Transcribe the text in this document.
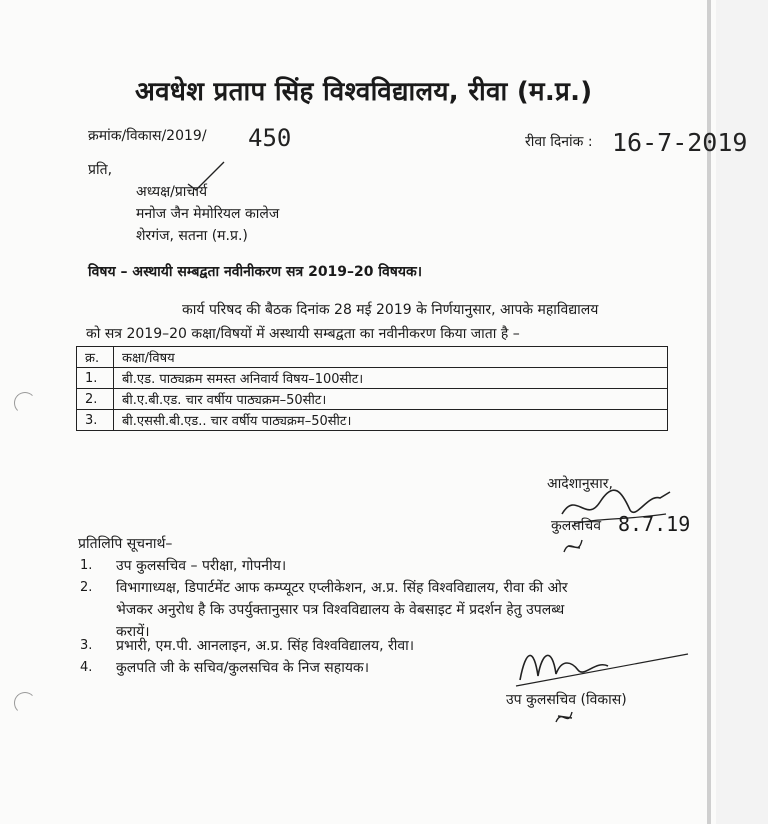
अवधेश प्रताप सिंह विश्वविद्यालय, रीवा (म.प्र.)
क्रमांक/विकास/2019/ 450	रीवा दिनांक : 16-7-2019
प्रति,
अध्यक्ष/प्राचार्य
मनोज जैन मेमोरियल कालेज
शेरगंज, सतना (म.प्र.)
विषय – अस्थायी सम्बद्वता नवीनीकरण सत्र 2019–20 विषयक।
कार्य परिषद की बैठक दिनांक 28 मई 2019 के निर्णयानुसार, आपके महाविद्यालय
को सत्र 2019–20 कक्षा/विषयों में अस्थायी सम्बद्वता का नवीनीकरण किया जाता है –
क्र.	कक्षा/विषय
1.	बी.एड. पाठ्यक्रम समस्त अनिवार्य विषय–100सीट।
2.	बी.ए.बी.एड. चार वर्षीय पाठ्यक्रम–50सीट।
3.	बी.एससी.बी.एड.. चार वर्षीय पाठ्यक्रम–50सीट।
आदेशानुसार,
कुलसचिव 8.7.19
प्रतिलिपि सूचनार्थ–
1. उप कुलसचिव – परीक्षा, गोपनीय।
2. विभागाध्यक्ष, डिपार्टमेंट आफ कम्प्यूटर एप्लीकेशन, अ.प्र. सिंह विश्वविद्यालय, रीवा की ओर
भेजकर अनुरोध है कि उपर्युक्तानुसार पत्र विश्वविद्यालय के वेबसाइट में प्रदर्शन हेतु उपलब्ध
करायें।
3. प्रभारी, एम.पी. आनलाइन, अ.प्र. सिंह विश्वविद्यालय, रीवा।
4. कुलपति जी के सचिव/कुलसचिव के निज सहायक।
उप कुलसचिव (विकास)
